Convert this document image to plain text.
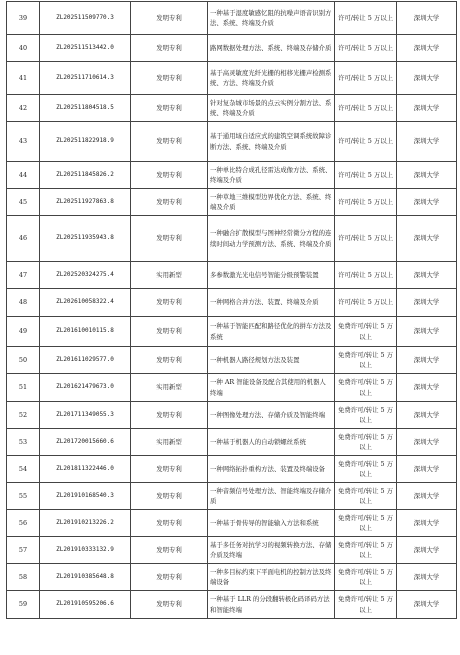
39	ZL202511509770.3	发明专利	一种基于湿度敏感忆阻的抗噪声语音识别方法、系统、终端及介质	许可/转让 5 万以上	深圳大学
40	ZL202511513442.0	发明专利	路网数据处理方法、系统、终端及存储介质	许可/转让 5 万以上	深圳大学
41	ZL202511710614.3	发明专利	基于高灵敏度光纤光栅的相移光栅声检测系统、方法、终端及介质	许可/转让 5 万以上	深圳大学
42	ZL202511804518.5	发明专利	针对复杂城市场景的点云实例分割方法、系统、终端及介质	许可/转让 5 万以上	深圳大学
43	ZL202511822918.9	发明专利	基于通用域自适应式的建筑空调系统故障诊断方法、系统、终端及介质	许可/转让 5 万以上	深圳大学
44	ZL202511845826.2	发明专利	一种单比特合成孔径雷达成像方法、系统、终端及介质	许可/转让 5 万以上	深圳大学
45	ZL202511927863.8	发明专利	一种草地三维模型边界优化方法、系统、终端及介质	许可/转让 5 万以上	深圳大学
46	ZL202511935943.8	发明专利	一种融合扩散模型与图神经常微分方程的连续时间动力学预测方法、系统、终端及介质	许可/转让 5 万以上	深圳大学
47	ZL202520324275.4	实用新型	多参数激光光电信号智能分级预警装置	许可/转让 5 万以上	深圳大学
48	ZL202610058322.4	发明专利	一种网格合并方法、装置、终端及介质	许可/转让 5 万以上	深圳大学
49	ZL201610010115.8	发明专利	一种基于智能匹配和路径优化的拼车方法及系统	免费许可/转让 5 万以上	深圳大学
50	ZL201611029577.0	发明专利	一种机器人路径规划方法及装置	免费许可/转让 5 万以上	深圳大学
51	ZL201621479673.0	实用新型	一种 AR 智能设备及配合其使用的机器人终端	免费许可/转让 5 万以上	深圳大学
52	ZL201711349055.3	发明专利	一种图像处理方法、存储介质及智能终端	免费许可/转让 5 万以上	深圳大学
53	ZL201720015660.6	实用新型	一种基于机器人的自动锁螺丝系统	免费许可/转让 5 万以上	深圳大学
54	ZL201811322446.0	发明专利	一种网络拓扑重构方法、装置及终端设备	免费许可/转让 5 万以上	深圳大学
55	ZL201910168540.3	发明专利	一种音频信号处理方法、智能终端及存储介质	免费许可/转让 5 万以上	深圳大学
56	ZL201910213226.2	发明专利	一种基于骨传导的智能输入方法和系统	免费许可/转让 5 万以上	深圳大学
57	ZL201910333132.9	发明专利	基于多任务对抗学习的视频转换方法、存储介质及终端	免费许可/转让 5 万以上	深圳大学
58	ZL201910385648.8	发明专利	一种多目标约束下平面电机的控制方法及终端设备	免费许可/转让 5 万以上	深圳大学
59	ZL201910595206.6	发明专利	一种基于 LLR 的分段翻转极化码译码方法和智能终端	免费许可/转让 5 万以上	深圳大学
